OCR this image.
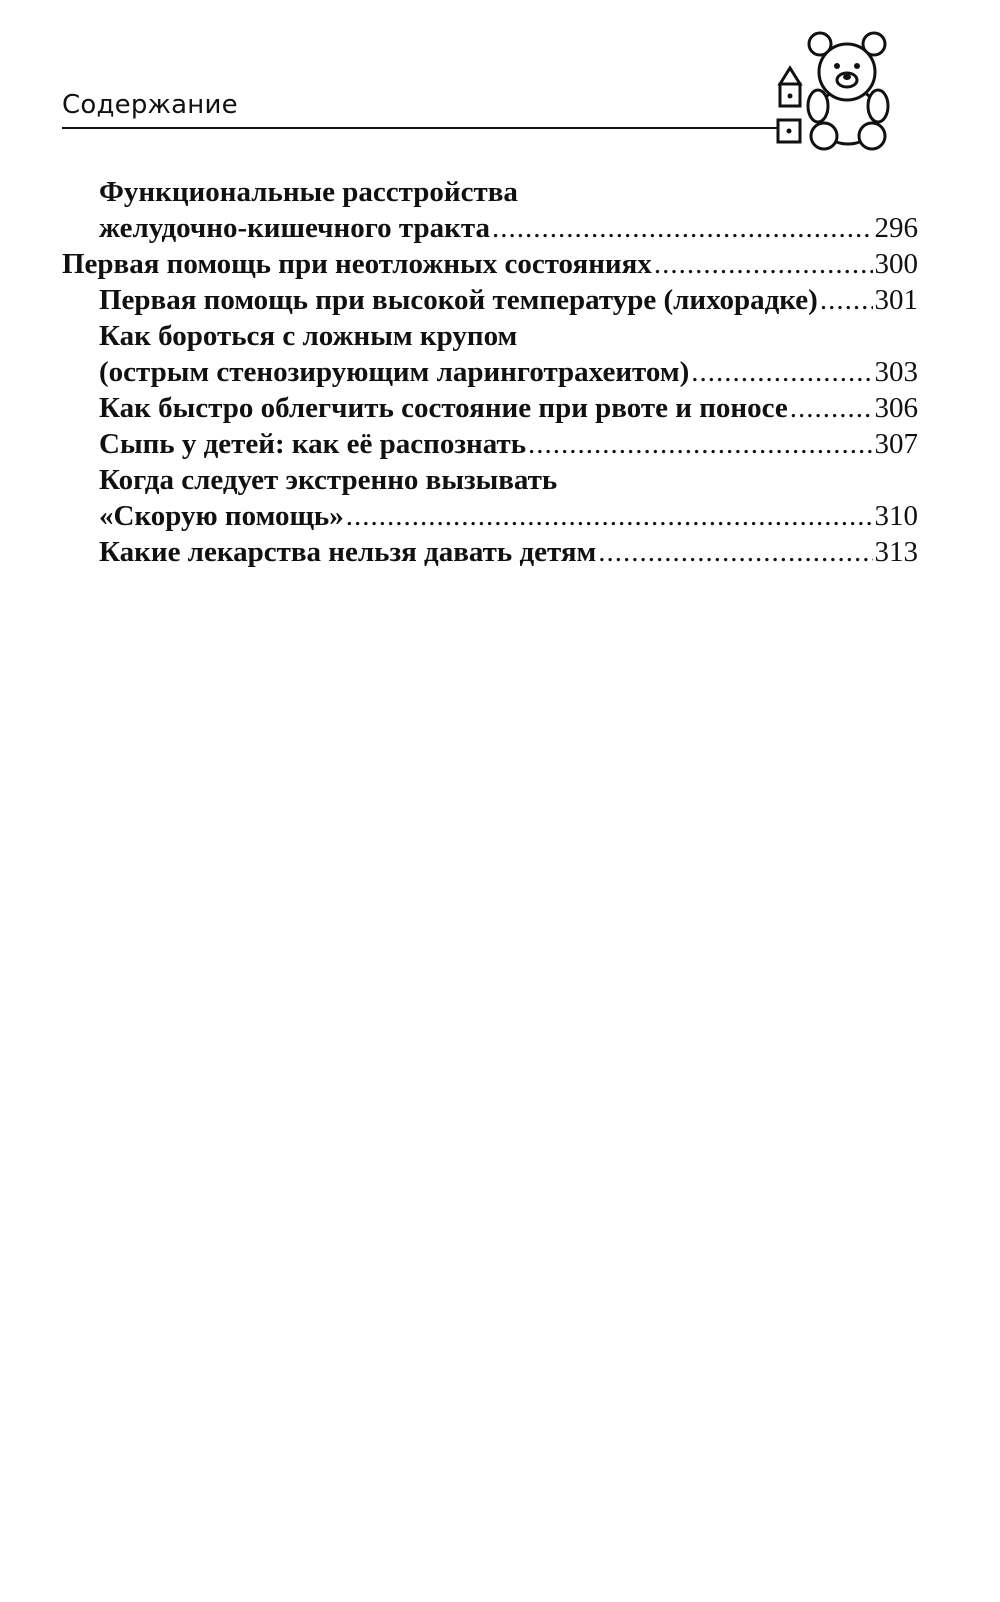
Содержание
Функциональные расстройства
желудочно-кишечного тракта .....	296
Первая помощь при неотложных состояниях .....	300
Первая помощь при высокой температуре (лихорадке) ..... 301
Как бороться с ложным крупом
(острым стенозирующим ларинготрахеитом) .....	303
Как быстро облегчить состояние при рвоте и поносе .....	306
Сыпь у детей: как её распознать .....	307
Когда следует экстренно вызывать
«Скорую помощь» .....	310
Какие лекарства нельзя давать детям .....	313
